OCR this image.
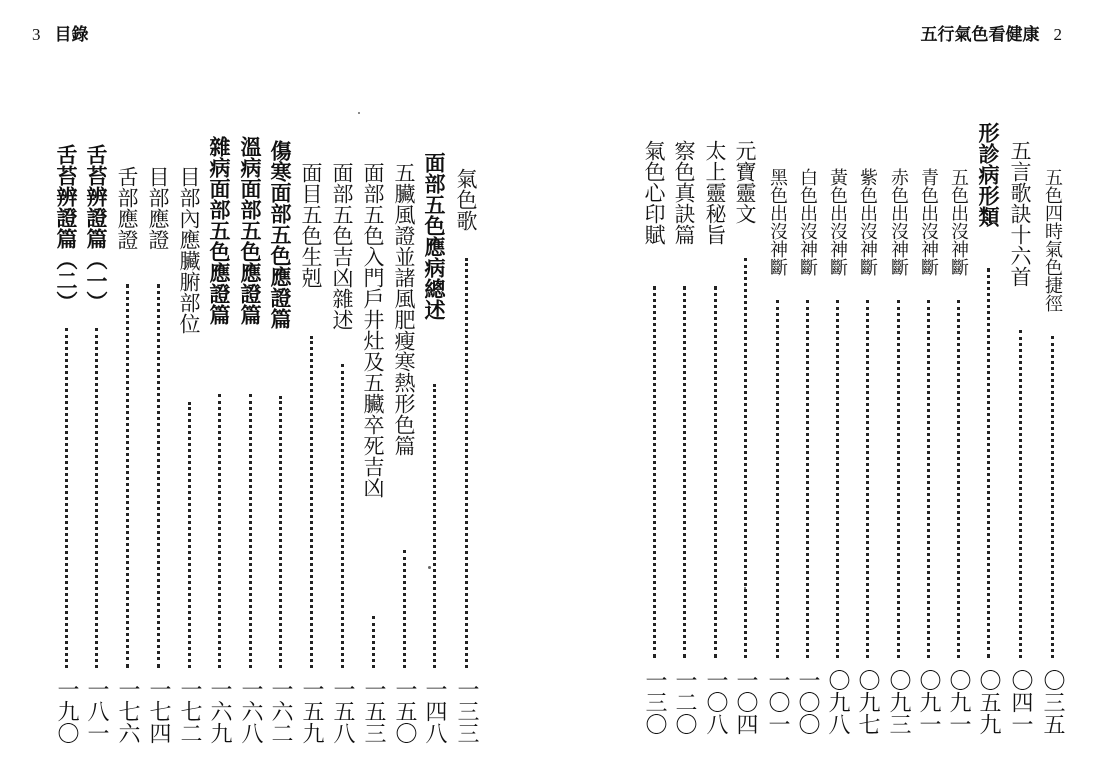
3 目錄	五行氣色看健康 2
五色四時氣色捷徑
〇三五
五言歌訣十六首
〇四一
形診病形類
〇五九
五色出沒神斷
〇九一
青色出沒神斷
〇九一
赤色出沒神斷
〇九三
紫色出沒神斷
〇九七
黃色出沒神斷
〇九八
白色出沒神斷
一〇〇
黑色出沒神斷
一〇一
元寶靈文
一〇四
太上靈秘旨
一〇八
察色真訣篇
一二〇
氣色心印賦
一三〇
氣色歌
一三三
面部五色應病總述
一四八
五臟風證並諸風肥瘦寒熱形色篇
一五〇
面部五色入門戶井灶及五臟卒死吉凶
一五三
面部五色吉凶雜述
一五八
面目五色生剋
一五九
傷寒面部五色應證篇
一六二
溫病面部五色應證篇
一六八
雜病面部五色應證篇
一六九
目部內應臟腑部位
一七二
目部應證
一七四
舌部應證
一七六
舌苔辨證篇（一）
一八一
舌苔辨證篇（二）
一九〇
